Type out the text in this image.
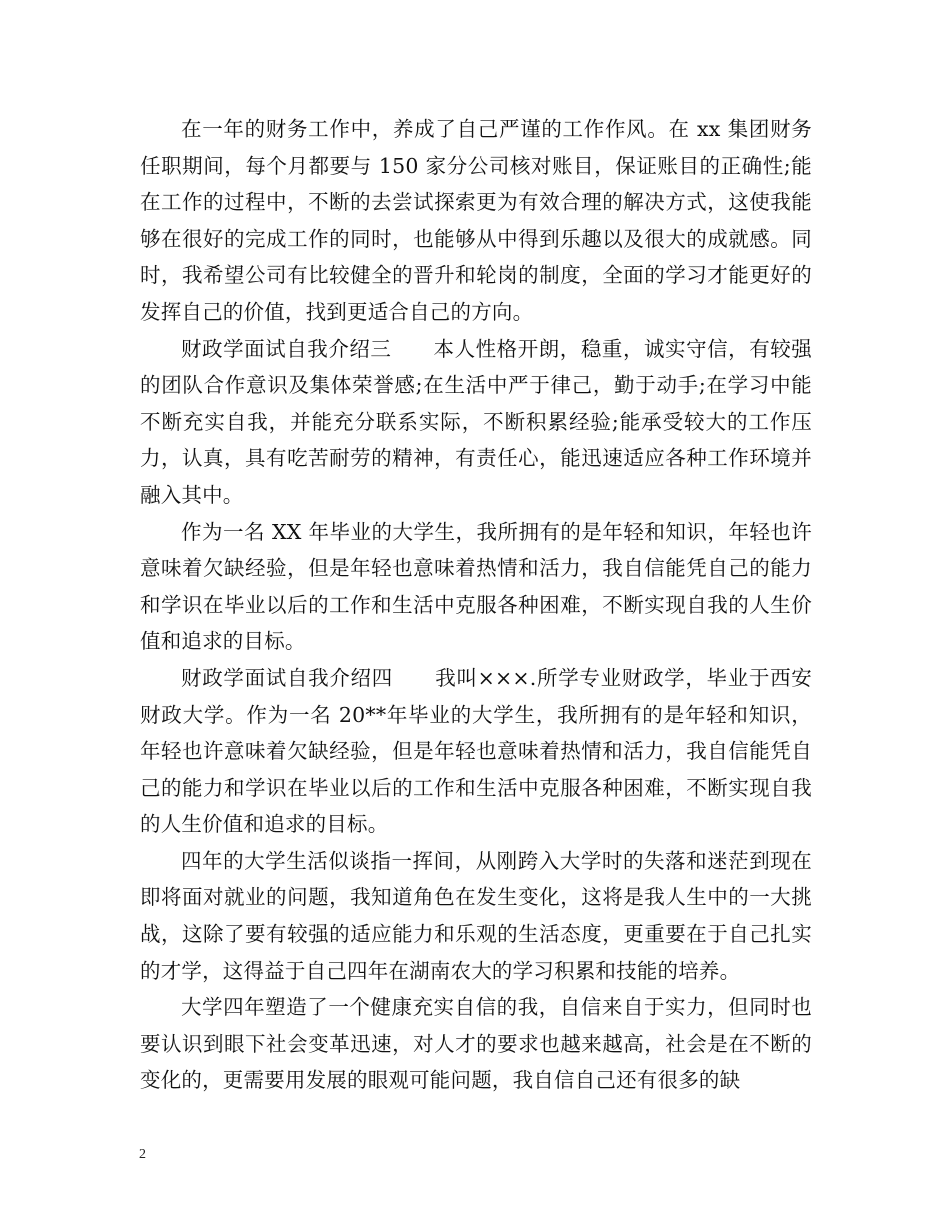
在一年的财务工作中，养成了自己严谨的工作作风。在 xx 集团财务任职期间，每个月都要与 150 家分公司核对账目，保证账目的正确性;能在工作的过程中，不断的去尝试探索更为有效合理的解决方式，这使我能够在很好的完成工作的同时，也能够从中得到乐趣以及很大的成就感。同时，我希望公司有比较健全的晋升和轮岗的制度，全面的学习才能更好的发挥自己的价值，找到更适合自己的方向。

财政学面试自我介绍三　　本人性格开朗，稳重，诚实守信，有较强的团队合作意识及集体荣誉感;在生活中严于律己，勤于动手;在学习中能不断充实自我，并能充分联系实际，不断积累经验;能承受较大的工作压力，认真，具有吃苦耐劳的精神，有责任心，能迅速适应各种工作环境并融入其中。

作为一名 XX 年毕业的大学生，我所拥有的是年轻和知识，年轻也许意味着欠缺经验，但是年轻也意味着热情和活力，我自信能凭自己的能力和学识在毕业以后的工作和生活中克服各种困难，不断实现自我的人生价值和追求的目标。

财政学面试自我介绍四　　我叫×××.所学专业财政学，毕业于西安财政大学。作为一名 20**年毕业的大学生，我所拥有的是年轻和知识，年轻也许意味着欠缺经验，但是年轻也意味着热情和活力，我自信能凭自己的能力和学识在毕业以后的工作和生活中克服各种困难，不断实现自我的人生价值和追求的目标。

四年的大学生活似谈指一挥间，从刚跨入大学时的失落和迷茫到现在即将面对就业的问题，我知道角色在发生变化，这将是我人生中的一大挑战，这除了要有较强的适应能力和乐观的生活态度，更重要在于自己扎实的才学，这得益于自己四年在湖南农大的学习积累和技能的培养。

大学四年塑造了一个健康充实自信的我，自信来自于实力，但同时也要认识到眼下社会变革迅速，对人才的要求也越来越高，社会是在不断的变化的，更需要用发展的眼观可能问题，我自信自己还有很多的缺

2
